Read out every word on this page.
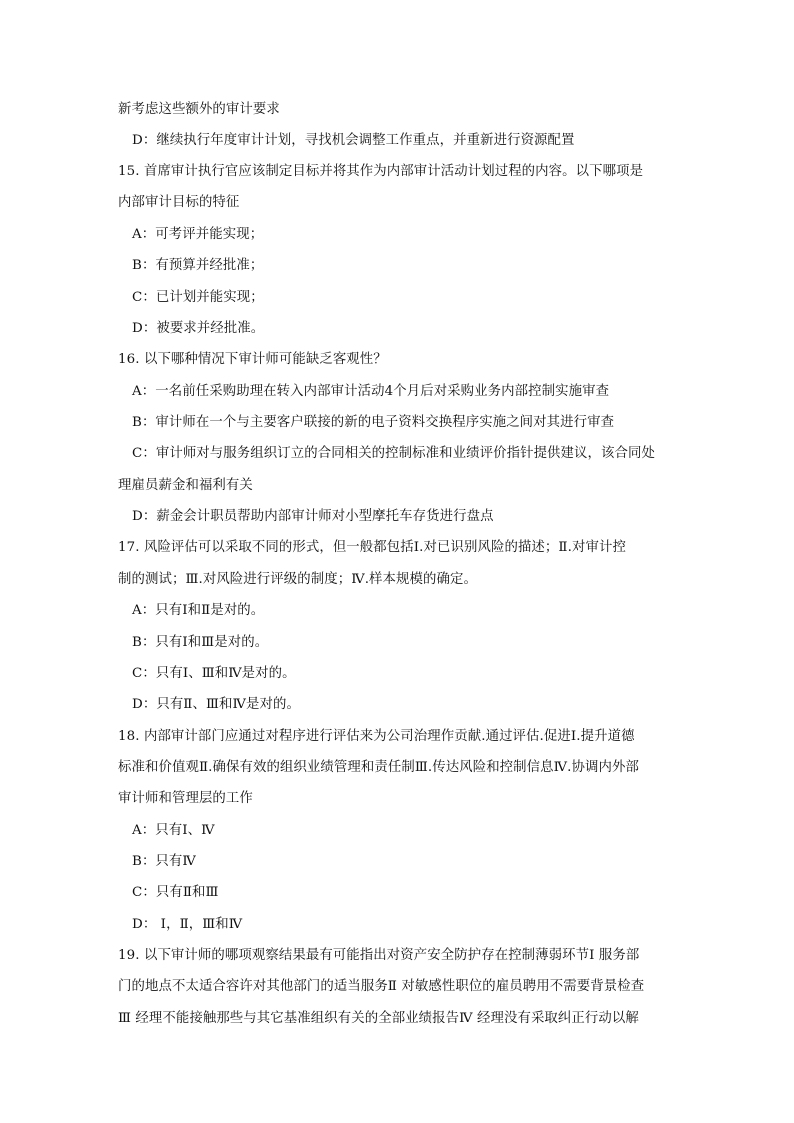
新考虑这些额外的审计要求
D：继续执行年度审计计划，寻找机会调整工作重点，并重新进行资源配置
15. 首席审计执行官应该制定目标并将其作为内部审计活动计划过程的内容。以下哪项是
内部审计目标的特征
A：可考评并能实现；
B：有预算并经批准；
C：已计划并能实现；
D：被要求并经批准。
16. 以下哪种情况下审计师可能缺乏客观性？
A：一名前任采购助理在转入内部审计活动4个月后对采购业务内部控制实施审查
B：审计师在一个与主要客户联接的新的电子资料交换程序实施之间对其进行审查
C：审计师对与服务组织订立的合同相关的控制标准和业绩评价指针提供建议，该合同处
理雇员薪金和福利有关
D：薪金会计职员帮助内部审计师对小型摩托车存货进行盘点
17. 风险评估可以采取不同的形式，但一般都包括Ⅰ.对已识别风险的描述；Ⅱ.对审计控
制的测试；Ⅲ.对风险进行评级的制度；Ⅳ.样本规模的确定。
A：只有Ⅰ和Ⅱ是对的。
B：只有Ⅰ和Ⅲ是对的。
C：只有Ⅰ、Ⅲ和Ⅳ是对的。
D：只有Ⅱ、Ⅲ和Ⅳ是对的。
18. 内部审计部门应通过对程序进行评估来为公司治理作贡献.通过评估.促进Ⅰ.提升道德
标准和价值观Ⅱ.确保有效的组织业绩管理和责任制Ⅲ.传达风险和控制信息Ⅳ.协调内外部
审计师和管理层的工作
A：只有Ⅰ、Ⅳ
B：只有Ⅳ
C：只有Ⅱ和Ⅲ
D： Ⅰ，Ⅱ，Ⅲ和Ⅳ
19. 以下审计师的哪项观察结果最有可能指出对资产安全防护存在控制薄弱环节Ⅰ 服务部
门的地点不太适合容许对其他部门的适当服务Ⅱ 对敏感性职位的雇员聘用不需要背景检查
Ⅲ 经理不能接触那些与其它基准组织有关的全部业绩报告Ⅳ 经理没有采取纠正行动以解
